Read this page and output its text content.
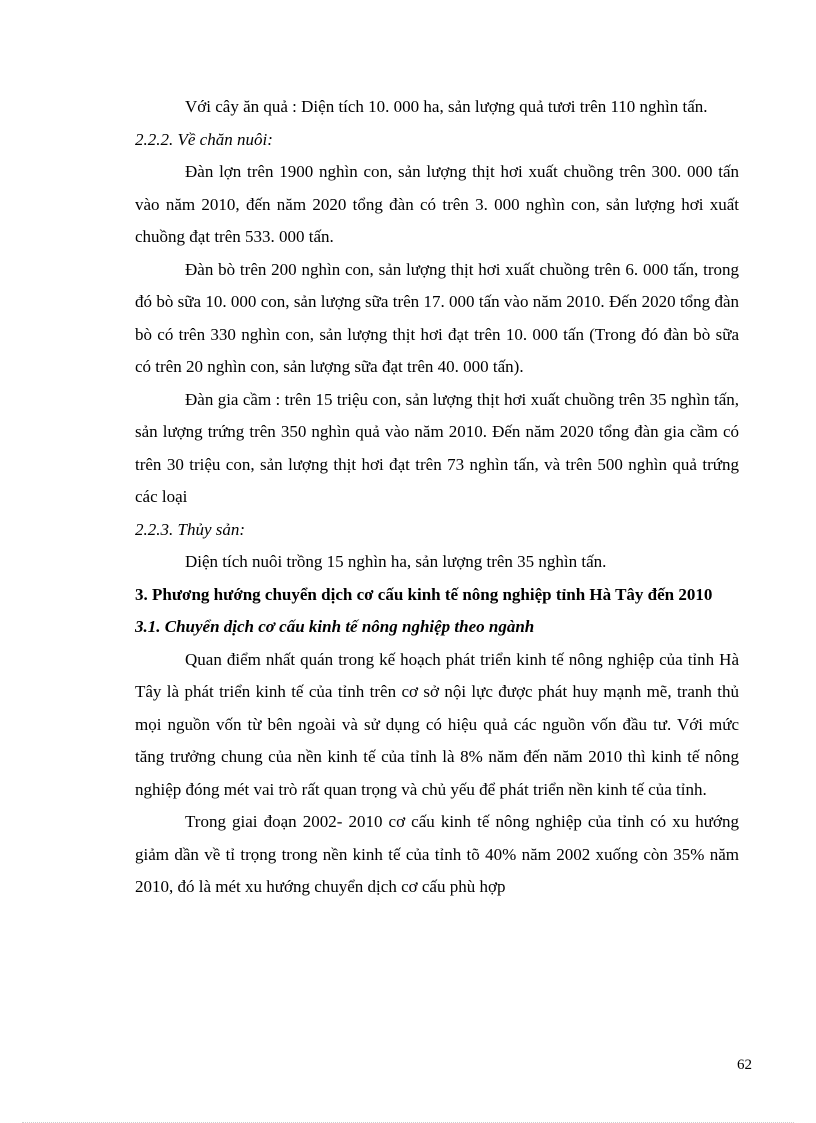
Với cây ăn quả : Diện tích 10. 000 ha, sản lượng quả tươi trên 110 nghìn tấn.

2.2.2. Về chăn nuôi:

Đàn lợn trên 1900 nghìn con, sản lượng thịt hơi xuất chuồng trên 300. 000 tấn vào năm 2010, đến năm 2020 tổng đàn có trên 3. 000 nghìn con, sản lượng hơi xuất chuồng đạt trên 533. 000 tấn.

Đàn bò trên 200 nghìn con, sản lượng thịt hơi xuất chuồng trên 6. 000 tấn, trong đó bò sữa 10. 000 con, sản lượng sữa trên 17. 000 tấn vào năm 2010. Đến 2020 tổng đàn bò có trên 330 nghìn con, sản lượng thịt hơi đạt trên 10. 000 tấn (Trong đó đàn bò sữa có trên 20 nghìn con, sản lượng sữa đạt trên 40. 000 tấn).

Đàn gia cầm : trên 15 triệu con, sản lượng thịt hơi xuất chuồng trên 35 nghìn tấn, sản lượng trứng trên 350 nghìn quả vào năm 2010. Đến năm 2020 tổng đàn gia cầm có trên 30 triệu con, sản lượng thịt hơi đạt trên 73 nghìn tấn, và trên 500 nghìn quả trứng các loại

2.2.3. Thủy sản:

Diện tích nuôi trồng 15 nghìn ha, sản lượng trên 35 nghìn tấn.

3. Phương hướng chuyển dịch cơ cấu kinh tế nông nghiệp tỉnh Hà Tây đến 2010

3.1. Chuyển dịch cơ cấu kinh tế nông nghiệp theo ngành

Quan điểm nhất quán trong kế hoạch phát triển kinh tế nông nghiệp của tỉnh Hà Tây là phát triển kinh tế của tỉnh trên cơ sở nội lực được phát huy mạnh mẽ, tranh thủ mọi nguồn vốn từ bên ngoài và sử dụng có hiệu quả các nguồn vốn đầu tư. Với mức tăng trưởng chung của nền kinh tế của tỉnh là 8% năm đến năm 2010 thì kinh tế nông nghiệp đóng mét vai trò rất quan trọng và chủ yếu để phát triển nền kinh tế của tỉnh.

Trong giai đoạn 2002- 2010 cơ cấu kinh tế nông nghiệp của tỉnh có xu hướng giảm dần về tỉ trọng trong nền kinh tế của tỉnh tõ 40% năm 2002 xuống còn 35% năm 2010, đó là mét xu hướng chuyển dịch cơ cấu phù hợp

62
